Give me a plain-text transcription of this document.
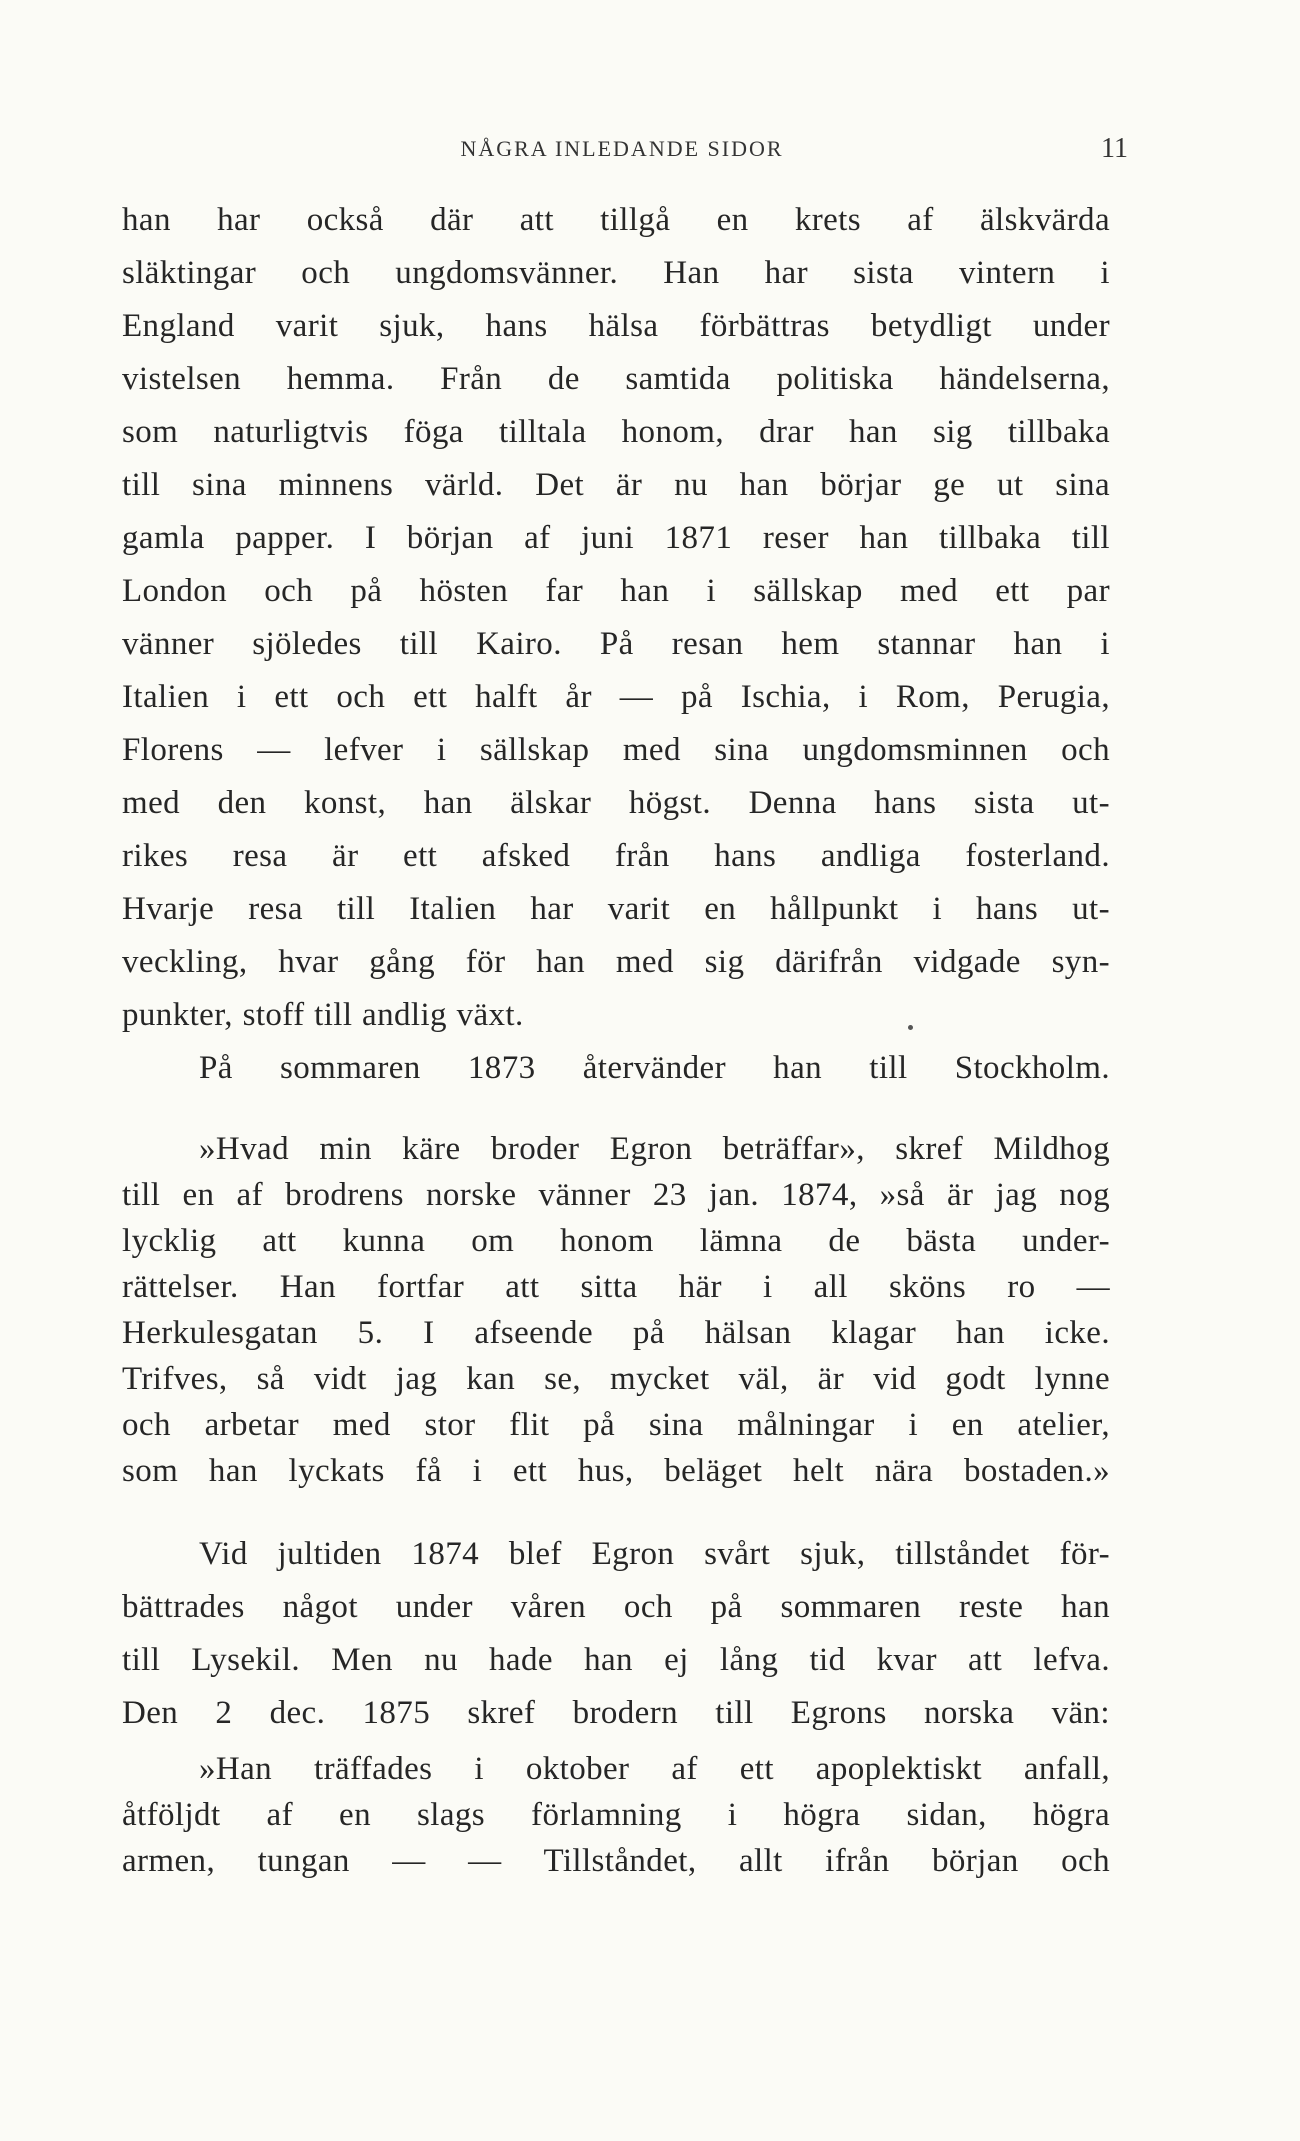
NÅGRA INLEDANDE SIDOR	11
han har också där att tillgå en krets af älskvärda
släktingar och ungdomsvänner. Han har sista vintern i
England varit sjuk, hans hälsa förbättras betydligt under
vistelsen hemma. Från de samtida politiska händelserna,
som naturligtvis föga tilltala honom, drar han sig tillbaka
till sina minnens värld. Det är nu han börjar ge ut sina
gamla papper. I början af juni 1871 reser han tillbaka till
London och på hösten far han i sällskap med ett par
vänner sjöledes till Kairo. På resan hem stannar han i
Italien i ett och ett halft år — på Ischia, i Rom, Perugia,
Florens — lefver i sällskap med sina ungdomsminnen och
med den konst, han älskar högst. Denna hans sista ut-
rikes resa är ett afsked från hans andliga fosterland.
Hvarje resa till Italien har varit en hållpunkt i hans ut-
veckling, hvar gång för han med sig därifrån vidgade syn-
punkter, stoff till andlig växt.
På sommaren 1873 återvänder han till Stockholm.
»Hvad min käre broder Egron beträffar», skref Mildhog
till en af brodrens norske vänner 23 jan. 1874, »så är jag nog
lycklig att kunna om honom lämna de bästa under-
rättelser. Han fortfar att sitta här i all sköns ro —
Herkulesgatan 5. I afseende på hälsan klagar han icke.
Trifves, så vidt jag kan se, mycket väl, är vid godt lynne
och arbetar med stor flit på sina målningar i en atelier,
som han lyckats få i ett hus, beläget helt nära bostaden.»
Vid jultiden 1874 blef Egron svårt sjuk, tillståndet för-
bättrades något under våren och på sommaren reste han
till Lysekil. Men nu hade han ej lång tid kvar att lefva.
Den 2 dec. 1875 skref brodern till Egrons norska vän:
»Han träffades i oktober af ett apoplektiskt anfall,
åtföljdt af en slags förlamning i högra sidan, högra
armen, tungan — — Tillståndet, allt ifrån början och
